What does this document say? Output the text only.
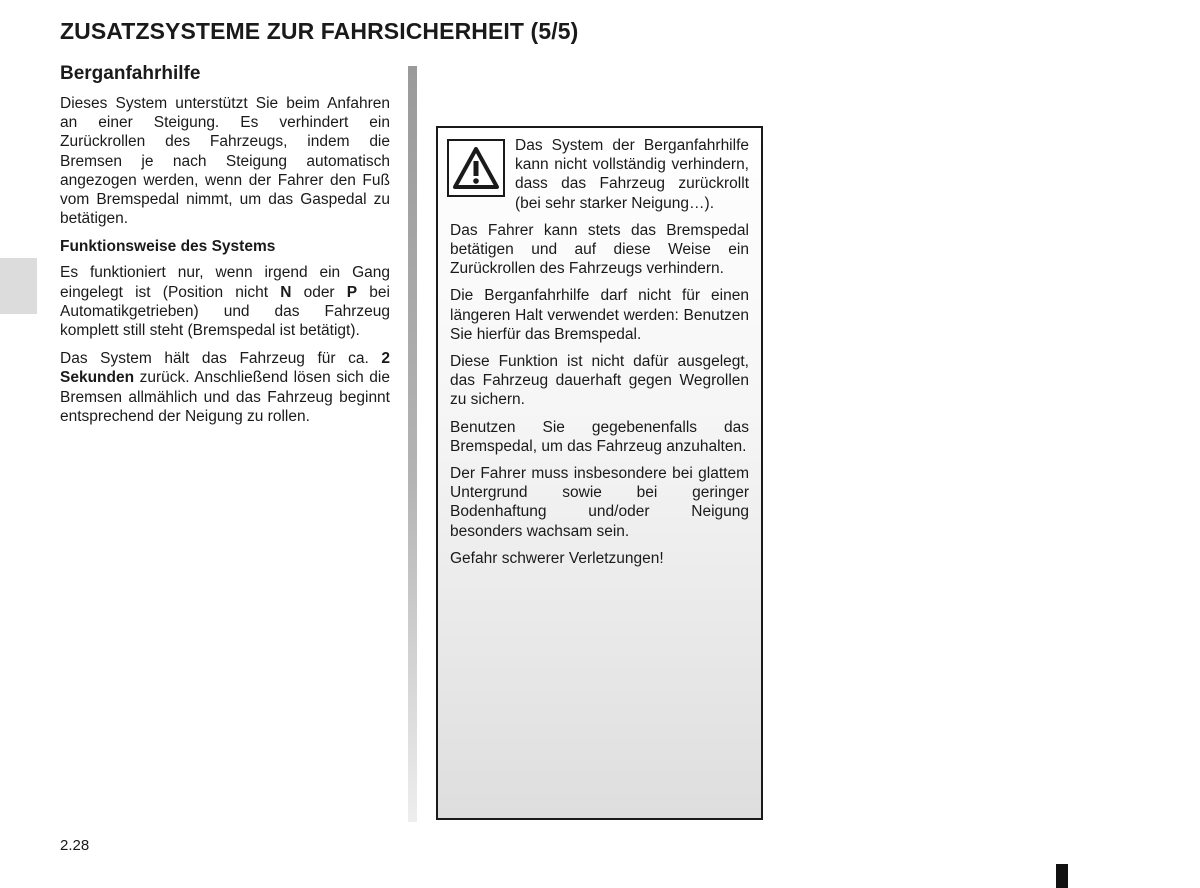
ZUSATZSYSTEME ZUR FAHRSICHERHEIT (5/5)
Berganfahrhilfe

Dieses System unterstützt Sie beim Anfahren an einer Steigung. Es verhindert ein Zurückrollen des Fahrzeugs, indem die Bremsen je nach Steigung automatisch angezogen werden, wenn der Fahrer den Fuß vom Bremspedal nimmt, um das Gaspedal zu betätigen.

Funktionsweise des Systems

Es funktioniert nur, wenn irgend ein Gang eingelegt ist (Position nicht N oder P bei Automatikgetrieben) und das Fahrzeug komplett still steht (Bremspedal ist betätigt).

Das System hält das Fahrzeug für ca. 2 Sekunden zurück. Anschließend lösen sich die Bremsen allmählich und das Fahrzeug beginnt entsprechend der Neigung zu rollen.

Das System der Berganfahrhilfe kann nicht vollständig verhindern, dass das Fahrzeug zurückrollt (bei sehr starker Neigung…).

Das Fahrer kann stets das Bremspedal betätigen und auf diese Weise ein Zurückrollen des Fahrzeugs verhindern.

Die Berganfahrhilfe darf nicht für einen längeren Halt verwendet werden: Benutzen Sie hierfür das Bremspedal.

Diese Funktion ist nicht dafür ausgelegt, das Fahrzeug dauerhaft gegen Wegrollen zu sichern.

Benutzen Sie gegebenenfalls das Bremspedal, um das Fahrzeug anzuhalten.

Der Fahrer muss insbesondere bei glattem Untergrund sowie bei geringer Bodenhaftung und/oder Neigung besonders wachsam sein.

Gefahr schwerer Verletzungen!

2.28
